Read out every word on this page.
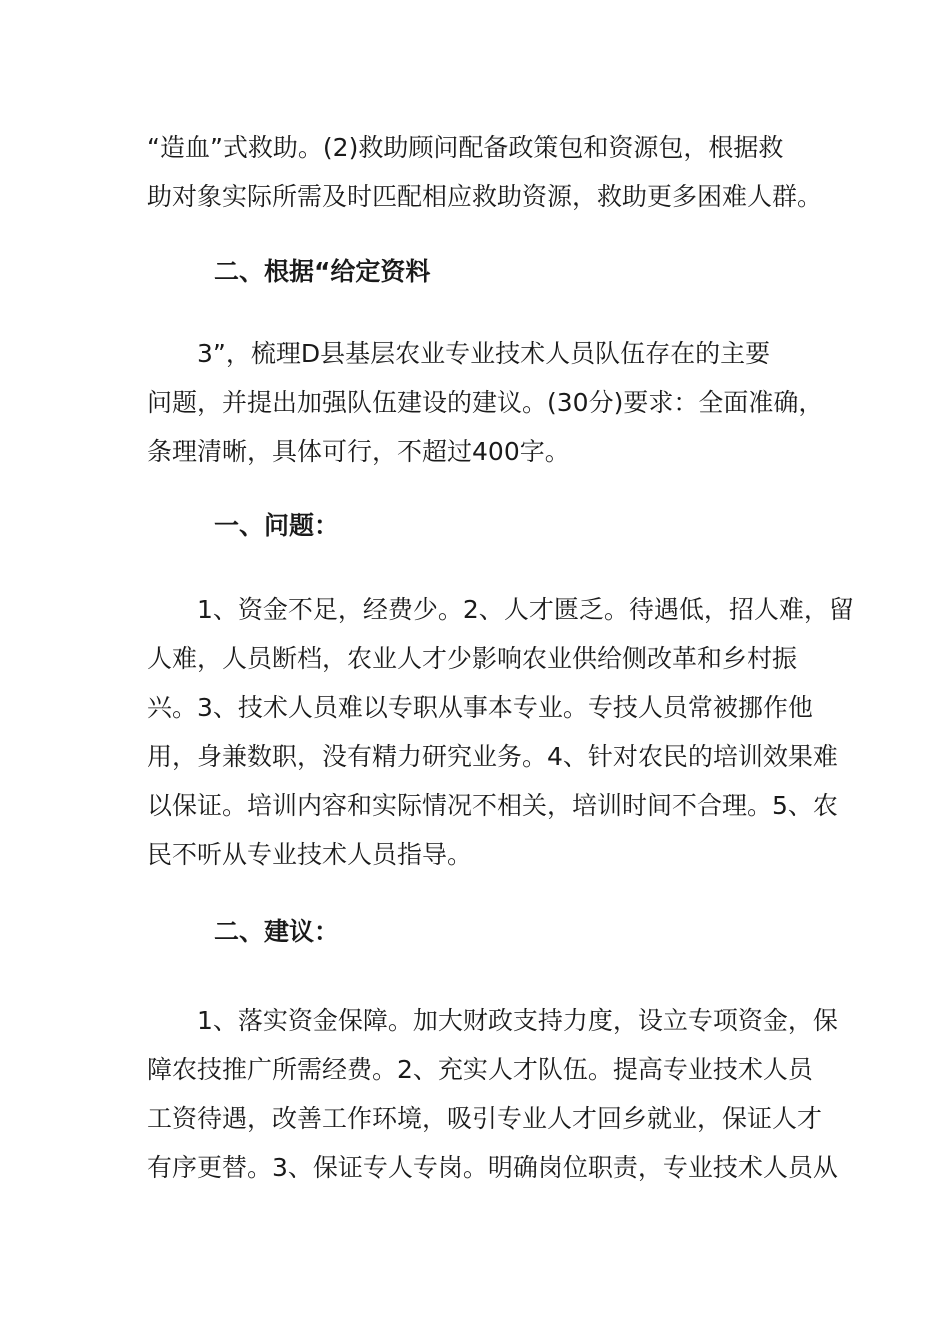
“造血”式救助。(2)救助顾问配备政策包和资源包，根据救
助对象实际所需及时匹配相应救助资源，救助更多困难人群。

二、根据“给定资料

3”，梳理D县基层农业专业技术人员队伍存在的主要
问题，并提出加强队伍建设的建议。(30分)要求：全面准确，
条理清晰，具体可行，不超过400字。

一、问题：

1、资金不足，经费少。2、人才匮乏。待遇低，招人难，留
人难，人员断档，农业人才少影响农业供给侧改革和乡村振
兴。3、技术人员难以专职从事本专业。专技人员常被挪作他
用，身兼数职，没有精力研究业务。4、针对农民的培训效果难
以保证。培训内容和实际情况不相关，培训时间不合理。5、农
民不听从专业技术人员指导。

二、建议：

1、落实资金保障。加大财政支持力度，设立专项资金，保
障农技推广所需经费。2、充实人才队伍。提高专业技术人员
工资待遇，改善工作环境，吸引专业人才回乡就业，保证人才
有序更替。3、保证专人专岗。明确岗位职责，专业技术人员从
